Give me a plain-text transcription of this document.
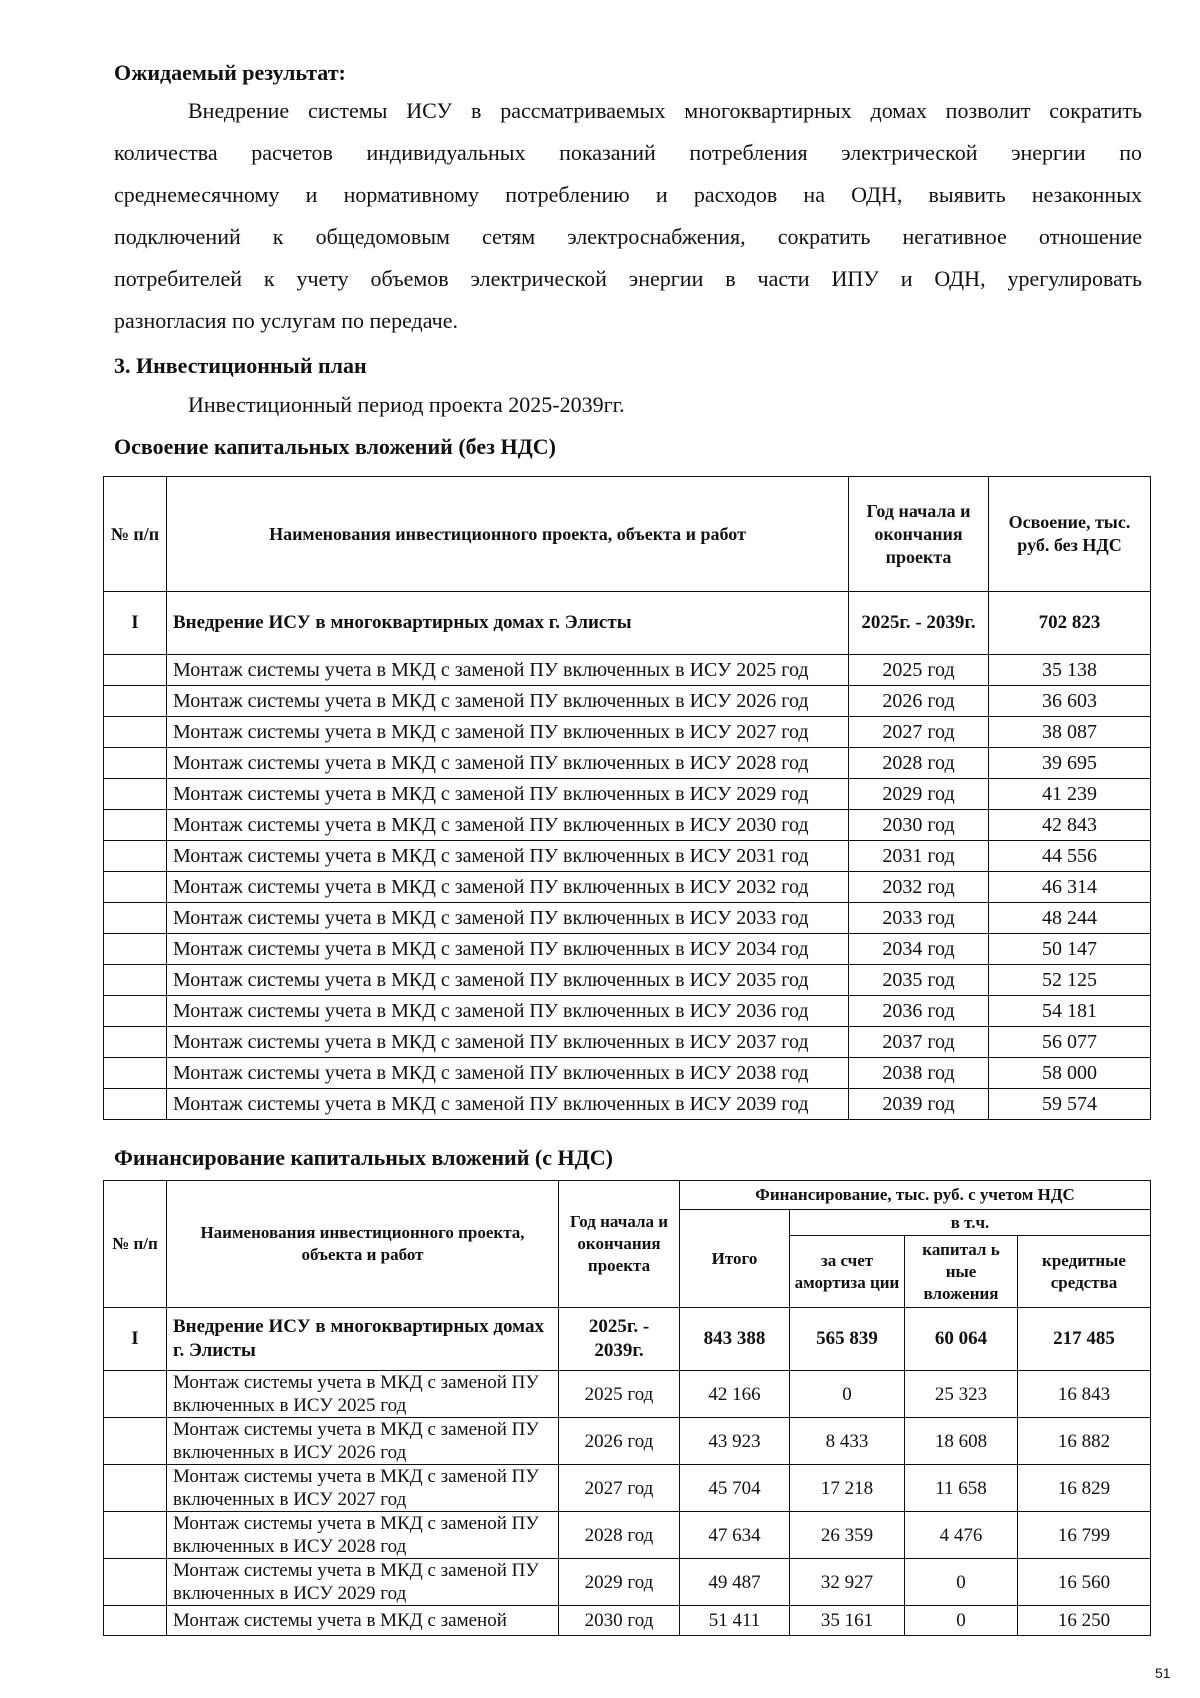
Ожидаемый результат:
Внедрение системы ИСУ в рассматриваемых многоквартирных домах позволит сократить
количества расчетов индивидуальных показаний потребления электрической энергии по
среднемесячному и нормативному потреблению и расходов на ОДН, выявить незаконных
подключений к общедомовым сетям электроснабжения, сократить негативное отношение
потребителей к учету объемов электрической энергии в части ИПУ и ОДН, урегулировать
разногласия по услугам по передаче.
3. Инвестиционный план
Инвестиционный период проекта 2025-2039гг.
Освоение капитальных вложений (без НДС)
№ п/п	Наименования инвестиционного проекта, объекта и работ	Год начала и окончания проекта	Освоение, тыс. руб. без НДС
I	Внедрение ИСУ в многоквартирных домах г. Элисты	2025г. - 2039г.	702 823
	Монтаж системы учета в МКД с заменой ПУ включенных в ИСУ 2025 год	2025 год	35 138
	Монтаж системы учета в МКД с заменой ПУ включенных в ИСУ 2026 год	2026 год	36 603
	Монтаж системы учета в МКД с заменой ПУ включенных в ИСУ 2027 год	2027 год	38 087
	Монтаж системы учета в МКД с заменой ПУ включенных в ИСУ 2028 год	2028 год	39 695
	Монтаж системы учета в МКД с заменой ПУ включенных в ИСУ 2029 год	2029 год	41 239
	Монтаж системы учета в МКД с заменой ПУ включенных в ИСУ 2030 год	2030 год	42 843
	Монтаж системы учета в МКД с заменой ПУ включенных в ИСУ 2031 год	2031 год	44 556
	Монтаж системы учета в МКД с заменой ПУ включенных в ИСУ 2032 год	2032 год	46 314
	Монтаж системы учета в МКД с заменой ПУ включенных в ИСУ 2033 год	2033 год	48 244
	Монтаж системы учета в МКД с заменой ПУ включенных в ИСУ 2034 год	2034 год	50 147
	Монтаж системы учета в МКД с заменой ПУ включенных в ИСУ 2035 год	2035 год	52 125
	Монтаж системы учета в МКД с заменой ПУ включенных в ИСУ 2036 год	2036 год	54 181
	Монтаж системы учета в МКД с заменой ПУ включенных в ИСУ 2037 год	2037 год	56 077
	Монтаж системы учета в МКД с заменой ПУ включенных в ИСУ 2038 год	2038 год	58 000
	Монтаж системы учета в МКД с заменой ПУ включенных в ИСУ 2039 год	2039 год	59 574
Финансирование капитальных вложений (с НДС)
№ п/п	Наименования инвестиционного проекта, объекта и работ	Год начала и окончания проекта	Финансирование, тыс. руб. с учетом НДС			
			Итого	в т.ч.		
				за счет амортиза ции	капитал ь ные вложения	кредитные средства
I	Внедрение ИСУ в многоквартирных домах г. Элисты	2025г. - 2039г.	843 388	565 839	60 064	217 485
	Монтаж системы учета в МКД с заменой ПУ включенных в ИСУ 2025 год	2025 год	42 166	0	25 323	16 843
	Монтаж системы учета в МКД с заменой ПУ включенных в ИСУ 2026 год	2026 год	43 923	8 433	18 608	16 882
	Монтаж системы учета в МКД с заменой ПУ включенных в ИСУ 2027 год	2027 год	45 704	17 218	11 658	16 829
	Монтаж системы учета в МКД с заменой ПУ включенных в ИСУ 2028 год	2028 год	47 634	26 359	4 476	16 799
	Монтаж системы учета в МКД с заменой ПУ включенных в ИСУ 2029 год	2029 год	49 487	32 927	0	16 560
	Монтаж системы учета в МКД с заменой	2030 год	51 411	35 161	0	16 250
51
